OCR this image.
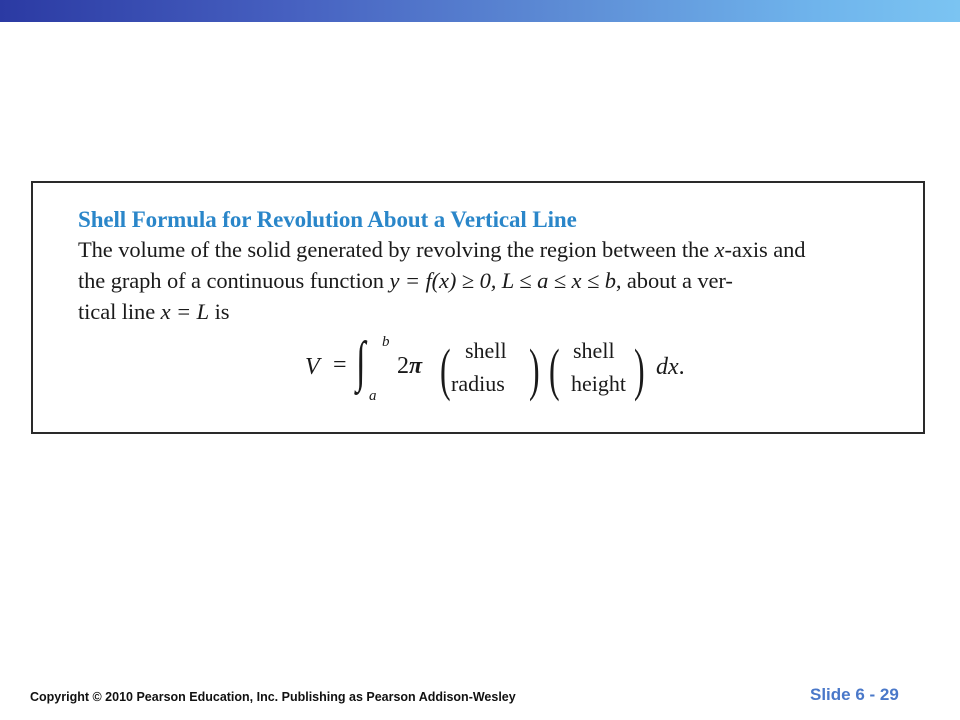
Shell Formula for Revolution About a Vertical Line
The volume of the solid generated by revolving the region between the x-axis and
the graph of a continuous function y = f(x) ≥ 0, L ≤ a ≤ x ≤ b, about a ver-
tical line x = L is
V = ∫ b
a
2π ( shell
radius ) ( shell
height ) dx.
Copyright © 2010 Pearson Education, Inc. Publishing as Pearson Addison-Wesley	Slide 6 - 29
